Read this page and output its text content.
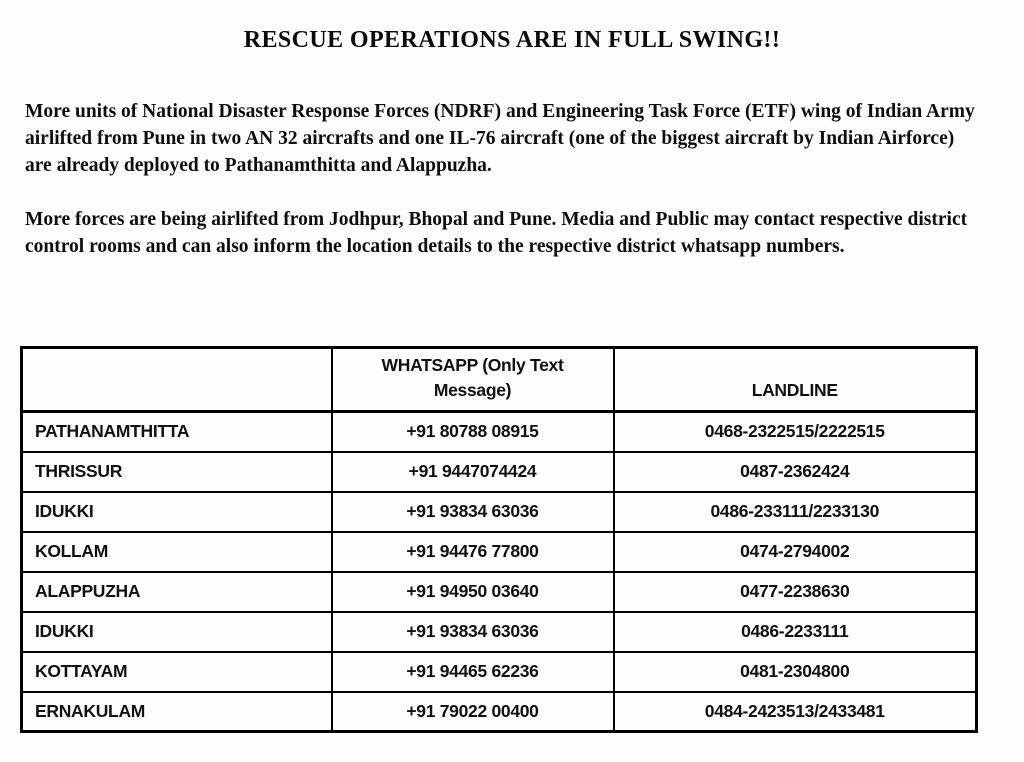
RESCUE OPERATIONS ARE IN FULL SWING!!
More units of National Disaster Response Forces (NDRF) and Engineering Task Force (ETF) wing of Indian Army airlifted from Pune in two AN 32 aircrafts and one IL-76 aircraft (one of the biggest aircraft by Indian Airforce) are already deployed to Pathanamthitta and Alappuzha.
More forces are being airlifted from Jodhpur, Bhopal and Pune. Media and Public may contact respective district control rooms and can also inform the location details to the respective district whatsapp numbers.
	WHATSAPP (Only Text Message)	LANDLINE
PATHANAMTHITTA	+91 80788 08915	0468-2322515/2222515
THRISSUR	+91 9447074424	0487-2362424
IDUKKI	+91 93834 63036	0486-233111/2233130
KOLLAM	+91 94476 77800	0474-2794002
ALAPPUZHA	+91 94950 03640	0477-2238630
IDUKKI	+91 93834 63036	0486-2233111
KOTTAYAM	+91 94465 62236	0481-2304800
ERNAKULAM	+91 79022 00400	0484-2423513/2433481
